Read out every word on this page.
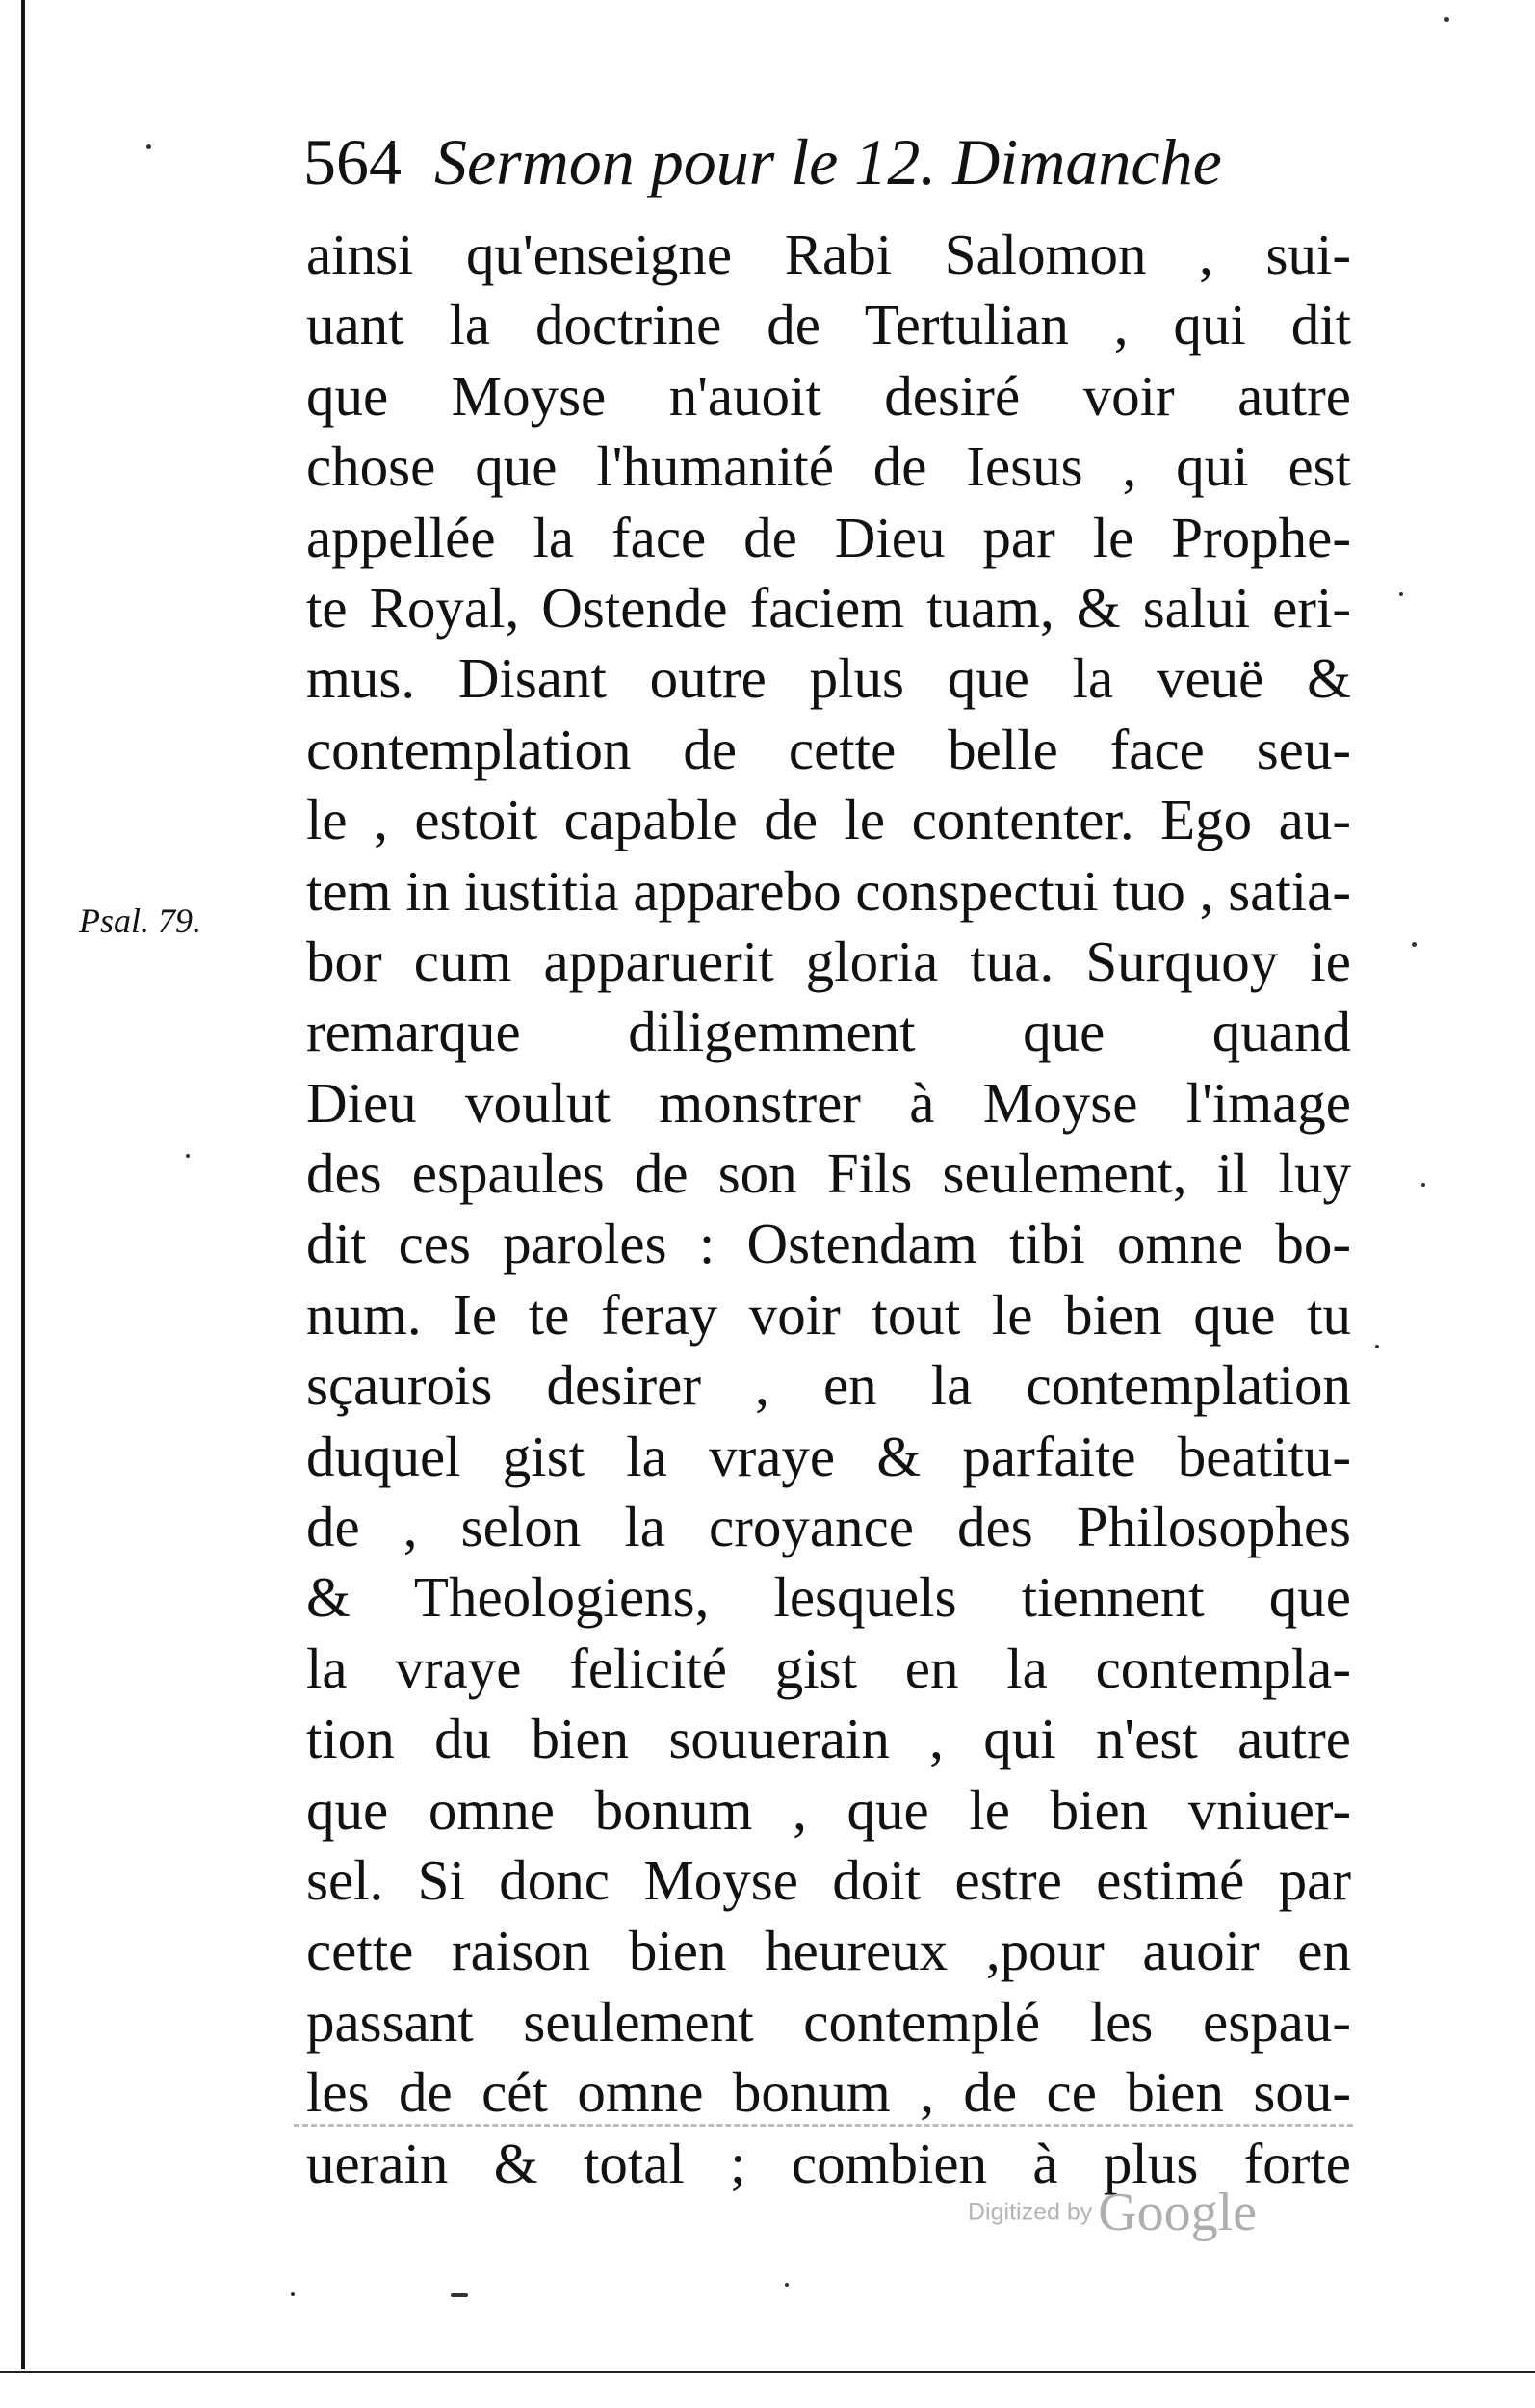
564 Sermon pour le 12. Dimanche
Psal. 79.
ainsi qu'enseigne Rabi Salomon , sui-
uant la doctrine de Tertulian , qui dit
que Moyse n'auoit desiré voir autre
chose que l'humanité de Iesus , qui est
appellée la face de Dieu par le Prophe-
te Royal, Ostende faciem tuam, & salui eri-
mus. Disant outre plus que la veuë &
contemplation de cette belle face seu-
le , estoit capable de le contenter. Ego au-
tem in iustitia apparebo conspectui tuo , satia-
bor cum apparuerit gloria tua. Surquoy ie
remarque diligemment que quand
Dieu voulut monstrer à Moyse l'image
des espaules de son Fils seulement, il luy
dit ces paroles : Ostendam tibi omne bo-
num. Ie te feray voir tout le bien que tu
sçaurois desirer , en la contemplation
duquel gist la vraye & parfaite beatitu-
de , selon la croyance des Philosophes
& Theologiens, lesquels tiennent que
la vraye felicité gist en la contempla-
tion du bien souuerain , qui n'est autre
que omne bonum , que le bien vniuer-
sel. Si donc Moyse doit estre estimé par
cette raison bien heureux ,pour auoir en
passant seulement contemplé les espau-
les de cét omne bonum , de ce bien sou-
uerain & total ; combien à plus forte
Digitized by Google
